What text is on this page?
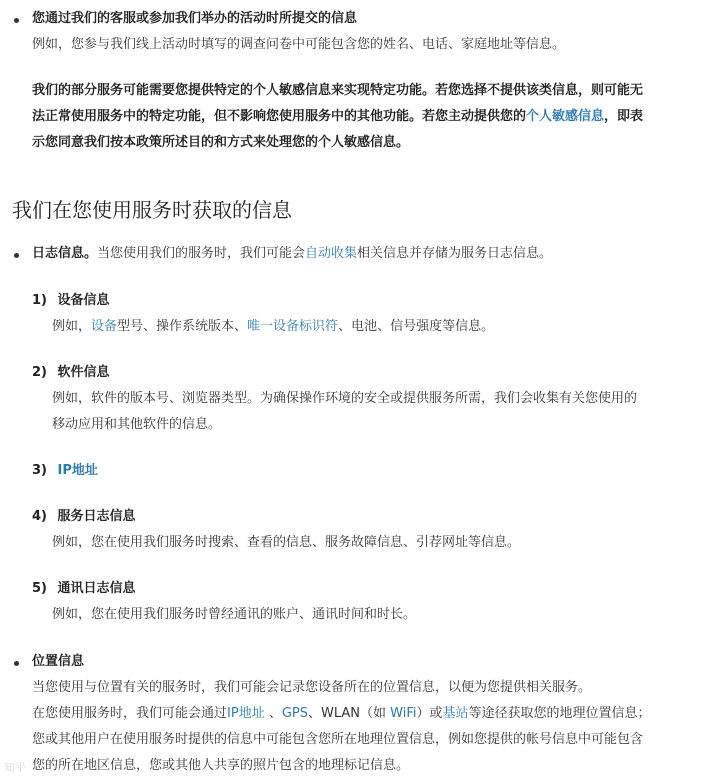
您通过我们的客服或参加我们举办的活动时所提交的信息
例如，您参与我们线上活动时填写的调查问卷中可能包含您的姓名、电话、家庭地址等信息。
我们的部分服务可能需要您提供特定的个人敏感信息来实现特定功能。若您选择不提供该类信息，则可能无
法正常使用服务中的特定功能，但不影响您使用服务中的其他功能。若您主动提供您的个人敏感信息，即表
示您同意我们按本政策所述目的和方式来处理您的个人敏感信息。
我们在您使用服务时获取的信息
日志信息。当您使用我们的服务时，我们可能会自动收集相关信息并存储为服务日志信息。
1) 设备信息
例如，设备型号、操作系统版本、唯一设备标识符、电池、信号强度等信息。
2) 软件信息
例如，软件的版本号、浏览器类型。为确保操作环境的安全或提供服务所需，我们会收集有关您使用的
移动应用和其他软件的信息。
3) IP地址
4) 服务日志信息
例如，您在使用我们服务时搜索、查看的信息、服务故障信息、引荐网址等信息。
5) 通讯日志信息
例如，您在使用我们服务时曾经通讯的账户、通讯时间和时长。
位置信息
当您使用与位置有关的服务时，我们可能会记录您设备所在的位置信息，以便为您提供相关服务。
在您使用服务时，我们可能会通过IP地址 、GPS、WLAN（如 WiFi）或基站等途径获取您的地理位置信息；
您或其他用户在使用服务时提供的信息中可能包含您所在地理位置信息，例如您提供的帐号信息中可能包含
您的所在地区信息，您或其他人共享的照片包含的地理标记信息。
知乎
